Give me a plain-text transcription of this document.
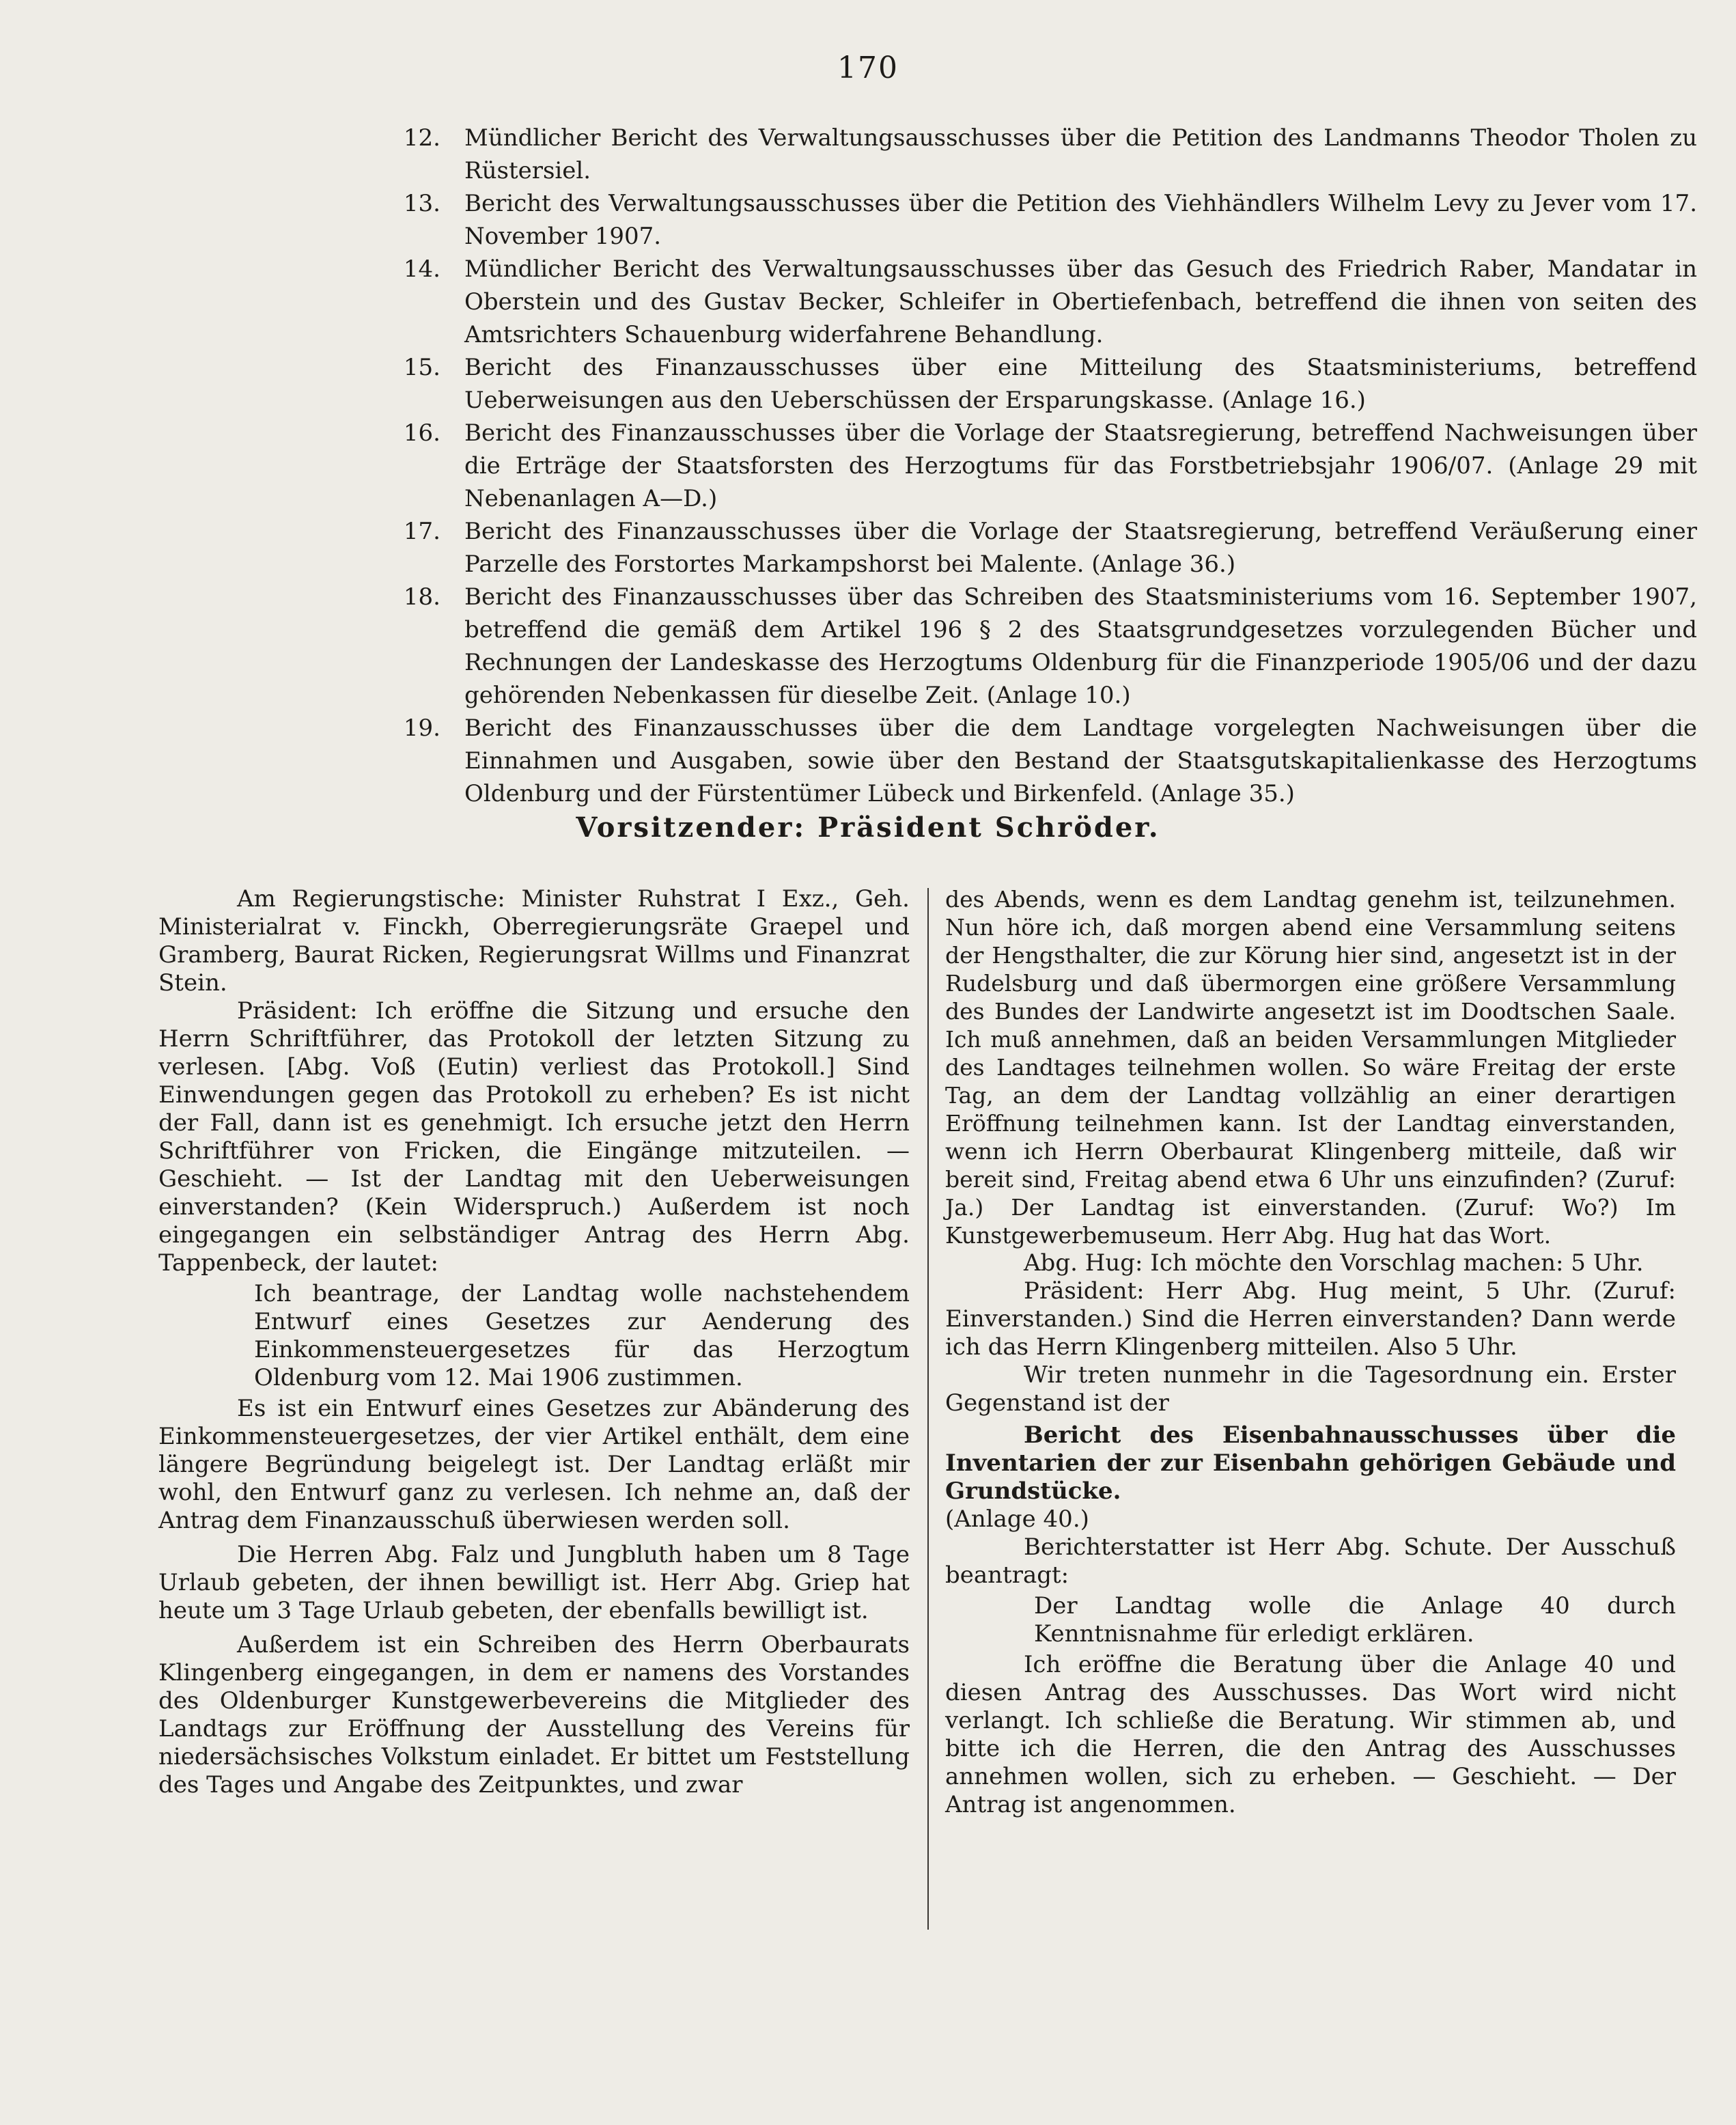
170
12. Mündlicher Bericht des Verwaltungsausschusses über die Petition des Landmanns Theodor Tholen zu Rüstersiel.
13. Bericht des Verwaltungsausschusses über die Petition des Viehhändlers Wilhelm Levy zu Jever vom 17. November 1907.
14. Mündlicher Bericht des Verwaltungsausschusses über das Gesuch des Friedrich Raber, Mandatar in Oberstein und des Gustav Becker, Schleifer in Obertiefenbach, betreffend die ihnen von seiten des Amtsrichters Schauenburg widerfahrene Behandlung.
15. Bericht des Finanzausschusses über eine Mitteilung des Staatsministeriums, betreffend Ueberweisungen aus den Ueberschüssen der Ersparungskasse. (Anlage 16.)
16. Bericht des Finanzausschusses über die Vorlage der Staatsregierung, betreffend Nachweisungen über die Erträge der Staatsforsten des Herzogtums für das Forstbetriebsjahr 1906/07. (Anlage 29 mit Nebenanlagen A—D.)
17. Bericht des Finanzausschusses über die Vorlage der Staatsregierung, betreffend Veräußerung einer Parzelle des Forstortes Markampshorst bei Malente. (Anlage 36.)
18. Bericht des Finanzausschusses über das Schreiben des Staatsministeriums vom 16. September 1907, betreffend die gemäß dem Artikel 196 § 2 des Staatsgrundgesetzes vorzulegenden Bücher und Rechnungen der Landeskasse des Herzogtums Oldenburg für die Finanzperiode 1905/06 und der dazu gehörenden Nebenkassen für dieselbe Zeit. (Anlage 10.)
19. Bericht des Finanzausschusses über die dem Landtage vorgelegten Nachweisungen über die Einnahmen und Ausgaben, sowie über den Bestand der Staatsgutskapitalienkasse des Herzogtums Oldenburg und der Fürstentümer Lübeck und Birkenfeld. (Anlage 35.)
Vorsitzender: Präsident Schröder.

Am Regierungstische: Minister Ruhstrat I Exz., Geh. Ministerialrat v. Finckh, Oberregierungsräte Graepel und Gramberg, Baurat Ricken, Regierungsrat Willms und Finanzrat Stein.

Präsident: Ich eröffne die Sitzung und ersuche den Herrn Schriftführer, das Protokoll der letzten Sitzung zu verlesen. [Abg. Voß (Eutin) verliest das Protokoll.] Sind Einwendungen gegen das Protokoll zu erheben? Es ist nicht der Fall, dann ist es genehmigt. Ich ersuche jetzt den Herrn Schriftführer von Fricken, die Eingänge mitzuteilen. — Geschieht. — Ist der Landtag mit den Ueberweisungen einverstanden? (Kein Widerspruch.) Außerdem ist noch eingegangen ein selbständiger Antrag des Herrn Abg. Tappenbeck, der lautet:

Ich beantrage, der Landtag wolle nachstehendem Entwurf eines Gesetzes zur Aenderung des Einkommensteuergesetzes für das Herzogtum Oldenburg vom 12. Mai 1906 zustimmen.

Es ist ein Entwurf eines Gesetzes zur Abänderung des Einkommensteuergesetzes, der vier Artikel enthält, dem eine längere Begründung beigelegt ist. Der Landtag erläßt mir wohl, den Entwurf ganz zu verlesen. Ich nehme an, daß der Antrag dem Finanzausschuß überwiesen werden soll.

Die Herren Abg. Falz und Jungbluth haben um 8 Tage Urlaub gebeten, der ihnen bewilligt ist. Herr Abg. Griep hat heute um 3 Tage Urlaub gebeten, der ebenfalls bewilligt ist.

Außerdem ist ein Schreiben des Herrn Oberbaurats Klingenberg eingegangen, in dem er namens des Vorstandes des Oldenburger Kunstgewerbevereins die Mitglieder des Landtags zur Eröffnung der Ausstellung des Vereins für niedersächsisches Volkstum einladet. Er bittet um Feststellung des Tages und Angabe des Zeitpunktes, und zwar

des Abends, wenn es dem Landtag genehm ist, teilzunehmen. Nun höre ich, daß morgen abend eine Versammlung seitens der Hengsthalter, die zur Körung hier sind, angesetzt ist in der Rudelsburg und daß übermorgen eine größere Versammlung des Bundes der Landwirte angesetzt ist im Doodtschen Saale. Ich muß annehmen, daß an beiden Versammlungen Mitglieder des Landtages teilnehmen wollen. So wäre Freitag der erste Tag, an dem der Landtag vollzählig an einer derartigen Eröffnung teilnehmen kann. Ist der Landtag einverstanden, wenn ich Herrn Oberbaurat Klingenberg mitteile, daß wir bereit sind, Freitag abend etwa 6 Uhr uns einzufinden? (Zuruf: Ja.) Der Landtag ist einverstanden. (Zuruf: Wo?) Im Kunstgewerbemuseum. Herr Abg. Hug hat das Wort.

Abg. Hug: Ich möchte den Vorschlag machen: 5 Uhr.

Präsident: Herr Abg. Hug meint, 5 Uhr. (Zuruf: Einverstanden.) Sind die Herren einverstanden? Dann werde ich das Herrn Klingenberg mitteilen. Also 5 Uhr.

Wir treten nunmehr in die Tagesordnung ein. Erster Gegenstand ist der

Bericht des Eisenbahnausschusses über die Inventarien der zur Eisenbahn gehörigen Gebäude und Grundstücke.

(Anlage 40.)

Berichterstatter ist Herr Abg. Schute. Der Ausschuß beantragt:

Der Landtag wolle die Anlage 40 durch Kenntnisnahme für erledigt erklären.

Ich eröffne die Beratung über die Anlage 40 und diesen Antrag des Ausschusses. Das Wort wird nicht verlangt. Ich schließe die Beratung. Wir stimmen ab, und bitte ich die Herren, die den Antrag des Ausschusses annehmen wollen, sich zu erheben. — Geschieht. — Der Antrag ist angenommen.
